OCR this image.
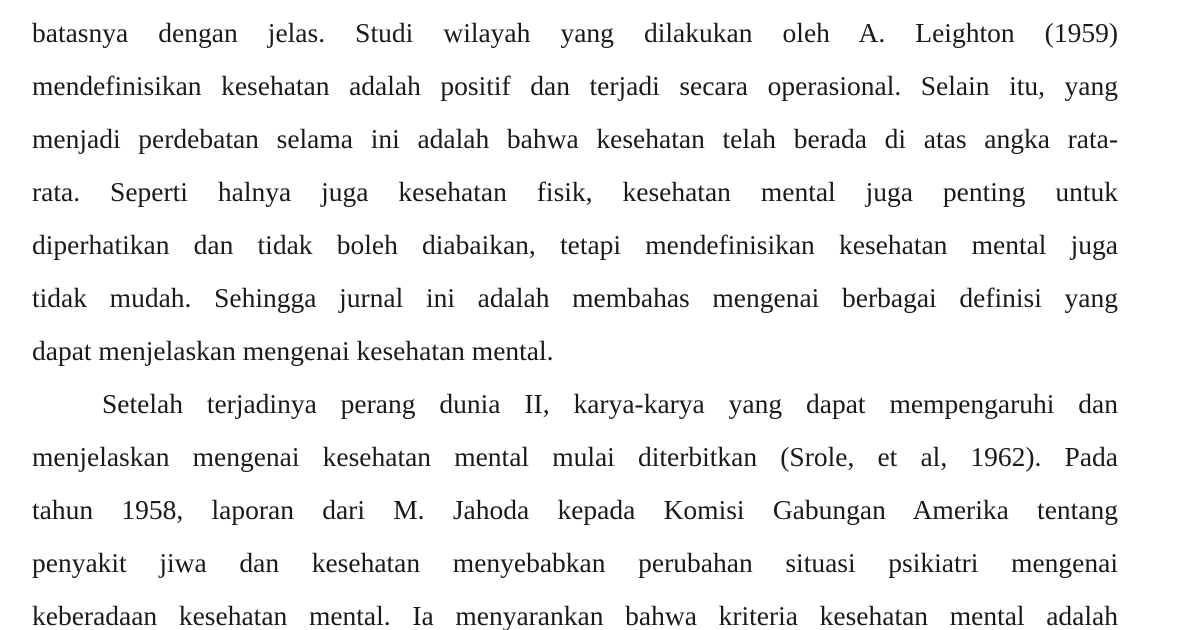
batasnya dengan jelas. Studi wilayah yang dilakukan oleh A. Leighton (1959)
mendefinisikan kesehatan adalah positif dan terjadi secara operasional. Selain itu, yang
menjadi perdebatan selama ini adalah bahwa kesehatan telah berada di atas angka rata-
rata. Seperti halnya juga kesehatan fisik, kesehatan mental juga penting untuk
diperhatikan dan tidak boleh diabaikan, tetapi mendefinisikan kesehatan mental juga
tidak mudah. Sehingga jurnal ini adalah membahas mengenai berbagai definisi yang
dapat menjelaskan mengenai kesehatan mental.
Setelah terjadinya perang dunia II, karya-karya yang dapat mempengaruhi dan
menjelaskan mengenai kesehatan mental mulai diterbitkan (Srole, et al, 1962). Pada
tahun 1958, laporan dari M. Jahoda kepada Komisi Gabungan Amerika tentang
penyakit jiwa dan kesehatan menyebabkan perubahan situasi psikiatri mengenai
keberadaan kesehatan mental. Ia menyarankan bahwa kriteria kesehatan mental adalah
